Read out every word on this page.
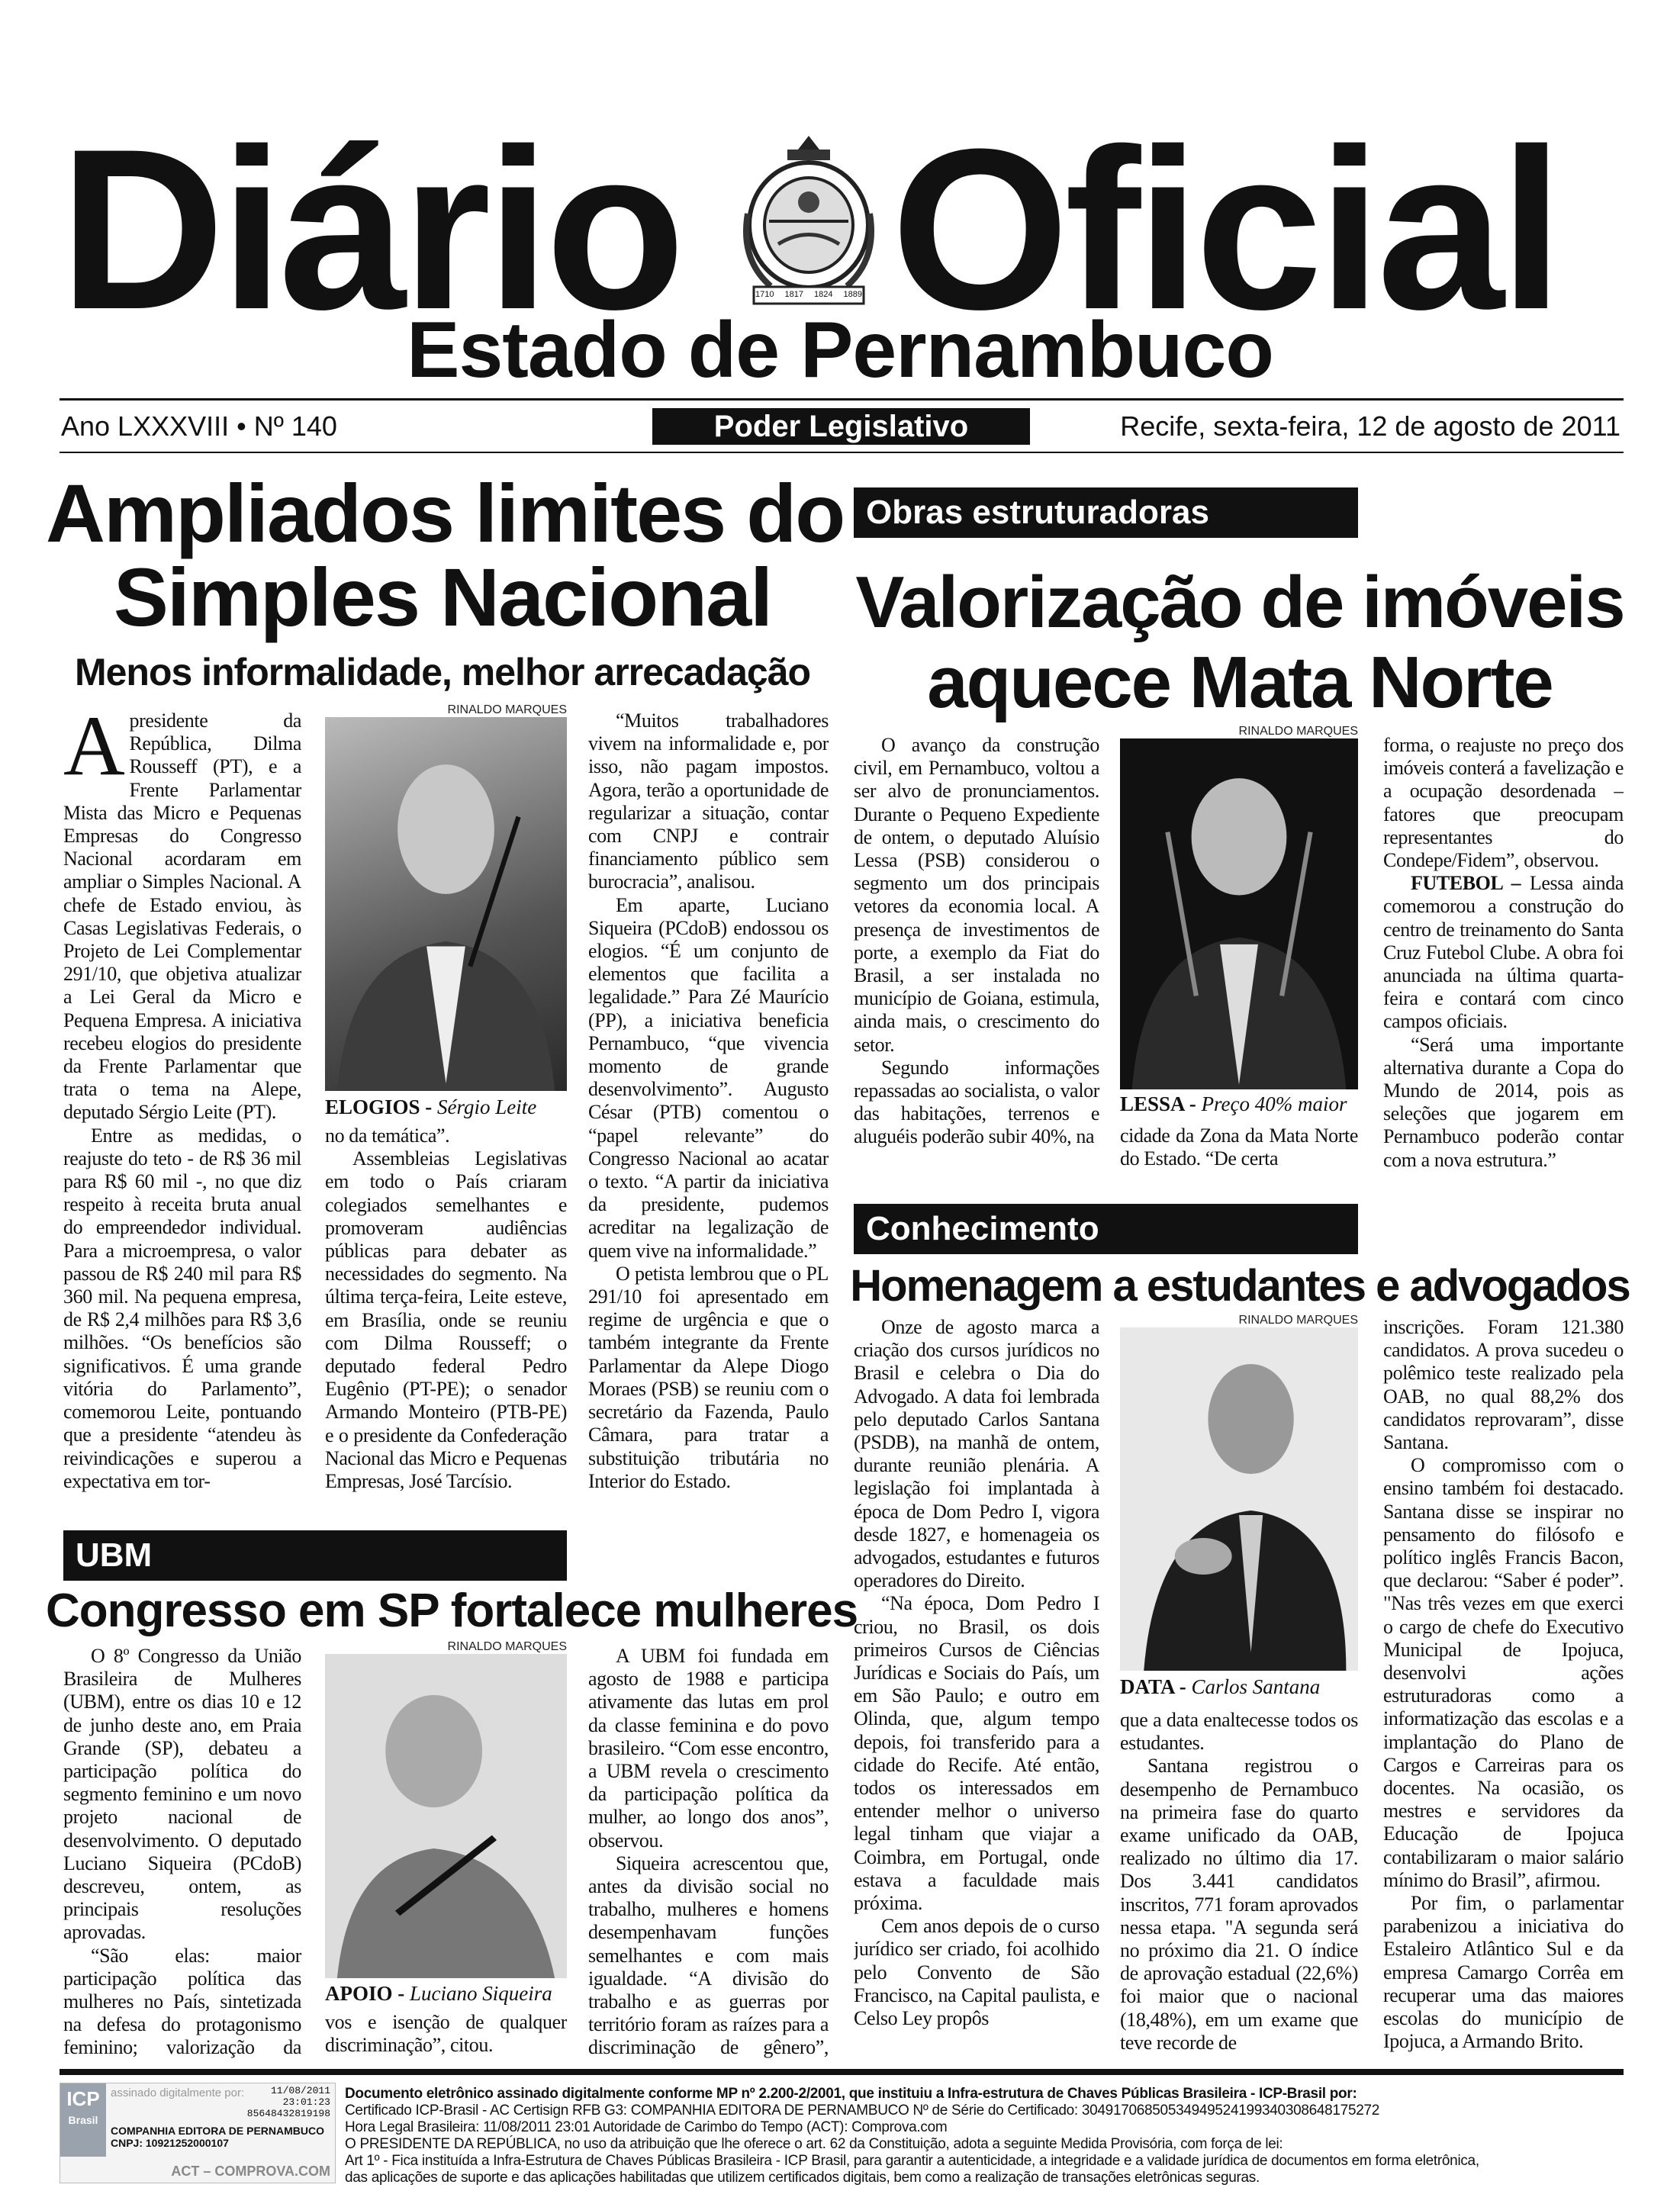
Diário	1710 1817 1824 1889 Oficial
Estado de Pernambuco
Ano LXXXVIII • Nº 140	Poder Legislativo	Recife, sexta-feira, 12 de agosto de 2011
Ampliados limites do
Simples Nacional
Menos informalidade, melhor arrecadação

Apresidente da República, Dilma Rousseff (PT), e a Frente Parlamentar Mista das Micro e Pequenas Empresas do Congresso Nacional acordaram em ampliar o Simples Nacional. A chefe de Estado enviou, às Casas Legislativas Federais, o Projeto de Lei Complementar 291/10, que objetiva atualizar a Lei Geral da Micro e Pequena Empresa. A iniciativa recebeu elogios do presidente da Frente Parlamentar que trata o tema na Alepe, deputado Sérgio Leite (PT).

Entre as medidas, o reajuste do teto - de R$ 36 mil para R$ 60 mil -, no que diz respeito à receita bruta anual do empreendedor individual. Para a microempresa, o valor passou de R$ 240 mil para R$ 360 mil. Na pequena empresa, de R$ 2,4 milhões para R$ 3,6 milhões. “Os benefícios são significativos. É uma grande vitória do Parlamento”, comemorou Leite, pontuando que a presidente “atendeu às reivindicações e superou a expectativa em tor-

RINALDO MARQUES
ELOGIOS - Sérgio Leite

no da temática”.

Assembleias Legislativas em todo o País criaram colegiados semelhantes e promoveram audiências públicas para debater as necessidades do segmento. Na última terça-feira, Leite esteve, em Brasília, onde se reuniu com Dilma Rousseff; o deputado federal Pedro Eugênio (PT-PE); o senador Armando Monteiro (PTB-PE) e o presidente da Confederação Nacional das Micro e Pequenas Empresas, José Tarcísio.

“Muitos trabalhadores vivem na informalidade e, por isso, não pagam impostos. Agora, terão a oportunidade de regularizar a situação, contar com CNPJ e contrair financiamento público sem burocracia”, analisou.

Em aparte, Luciano Siqueira (PCdoB) endossou os elogios. “É um conjunto de elementos que facilita a legalidade.” Para Zé Maurício (PP), a iniciativa beneficia Pernambuco, “que vivencia momento de grande desenvolvimento”. Augusto César (PTB) comentou o “papel relevante” do Congresso Nacional ao acatar o texto. “A partir da iniciativa da presidente, pudemos acreditar na legalização de quem vive na informalidade.”

O petista lembrou que o PL 291/10 foi apresentado em regime de urgência e que o também integrante da Frente Parlamentar da Alepe Diogo Moraes (PSB) se reuniu com o secretário da Fazenda, Paulo Câmara, para tratar a substituição tributária no Interior do Estado.

Obras estruturadoras
Valorização de imóveis
aquece Mata Norte

O avanço da construção civil, em Pernambuco, voltou a ser alvo de pronunciamentos. Durante o Pequeno Expediente de ontem, o deputado Aluísio Lessa (PSB) considerou o segmento um dos principais vetores da economia local. A presença de investimentos de porte, a exemplo da Fiat do Brasil, a ser instalada no município de Goiana, estimula, ainda mais, o crescimento do setor.

Segundo informações repassadas ao socialista, o valor das habitações, terrenos e aluguéis poderão subir 40%, na

RINALDO MARQUES
LESSA - Preço 40% maior

cidade da Zona da Mata Norte do Estado. “De certa

forma, o reajuste no preço dos imóveis conterá a favelização e a ocupação desordenada – fatores que preocupam representantes do Condepe/Fidem”, observou.

FUTEBOL – Lessa ainda comemorou a construção do centro de treinamento do Santa Cruz Futebol Clube. A obra foi anunciada na última quarta-feira e contará com cinco campos oficiais.

“Será uma importante alternativa durante a Copa do Mundo de 2014, pois as seleções que jogarem em Pernambuco poderão contar com a nova estrutura.”

Conhecimento
Homenagem a estudantes e advogados

Onze de agosto marca a criação dos cursos jurídicos no Brasil e celebra o Dia do Advogado. A data foi lembrada pelo deputado Carlos Santana (PSDB), na manhã de ontem, durante reunião plenária. A legislação foi implantada à época de Dom Pedro I, vigora desde 1827, e homenageia os advogados, estudantes e futuros operadores do Direito.

“Na época, Dom Pedro I criou, no Brasil, os dois primeiros Cursos de Ciências Jurídicas e Sociais do País, um em São Paulo; e outro em Olinda, que, algum tempo depois, foi transferido para a cidade do Recife. Até então, todos os interessados em entender melhor o universo legal tinham que viajar a Coimbra, em Portugal, onde estava a faculdade mais próxima.

Cem anos depois de o curso jurídico ser criado, foi acolhido pelo Convento de São Francisco, na Capital paulista, e Celso Ley propôs

RINALDO MARQUES
DATA - Carlos Santana

que a data enaltecesse todos os estudantes.

Santana registrou o desempenho de Pernambuco na primeira fase do quarto exame unificado da OAB, realizado no último dia 17. Dos 3.441 candidatos inscritos, 771 foram aprovados nessa etapa. "A segunda será no próximo dia 21. O índice de aprovação estadual (22,6%) foi maior que o nacional (18,48%), em um exame que teve recorde de

inscrições. Foram 121.380 candidatos. A prova sucedeu o polêmico teste realizado pela OAB, no qual 88,2% dos candidatos reprovaram”, disse Santana.

O compromisso com o ensino também foi destacado. Santana disse se inspirar no pensamento do filósofo e político inglês Francis Bacon, que declarou: “Saber é poder”. "Nas três vezes em que exerci o cargo de chefe do Executivo Municipal de Ipojuca, desenvolvi ações estruturadoras como a informatização das escolas e a implantação do Plano de Cargos e Carreiras para os docentes. Na ocasião, os mestres e servidores da Educação de Ipojuca contabilizaram o maior salário mínimo do Brasil”, afirmou.

Por fim, o parlamentar parabenizou a iniciativa do Estaleiro Atlântico Sul e da empresa Camargo Corrêa em recuperar uma das maiores escolas do município de Ipojuca, a Armando Brito.

UBM
Congresso em SP fortalece mulheres

O 8º Congresso da União Brasileira de Mulheres (UBM), entre os dias 10 e 12 de junho deste ano, em Praia Grande (SP), debateu a participação política do segmento feminino e um novo projeto nacional de desenvolvimento. O deputado Luciano Siqueira (PCdoB) descreveu, ontem, as principais resoluções aprovadas.

“São elas: maior participação política das mulheres no País, sintetizada na defesa do protagonismo feminino; valorização da

RINALDO MARQUES
APOIO - Luciano Siqueira

vos e isenção de qualquer discriminação”, citou.

A UBM foi fundada em agosto de 1988 e participa ativamente das lutas em prol da classe feminina e do povo brasileiro. “Com esse encontro, a UBM revela o crescimento da participação política da mulher, ao longo dos anos”, observou.

Siqueira acrescentou que, antes da divisão social no trabalho, mulheres e homens desempenhavam funções semelhantes e com mais igualdade. “A divisão do trabalho e as guerras por território foram as raízes para a discriminação de gênero”,

ICP
Brasil
assinado digitalmente por:	11/08/2011
23:01:23
85648432819198
COMPANHIA EDITORA DE PERNAMBUCO
CNPJ: 10921252000107
ACT – COMPROVA.COM
Documento eletrônico assinado digitalmente conforme MP nº 2.200-2/2001, que instituiu a Infra-estrutura de Chaves Públicas Brasileira - ICP-Brasil por:
Certificado ICP-Brasil - AC Certisign RFB G3: COMPANHIA EDITORA DE PERNAMBUCO Nº de Série do Certificado: 30491706850534949524199340308648175272
Hora Legal Brasileira: 11/08/2011 23:01 Autoridade de Carimbo do Tempo (ACT): Comprova.com
O PRESIDENTE DA REPÚBLICA, no uso da atribuição que lhe oferece o art. 62 da Constituição, adota a seguinte Medida Provisória, com força de lei:
Art 1º - Fica instituída a Infra-Estrutura de Chaves Públicas Brasileira - ICP Brasil, para garantir a autenticidade, a integridade e a validade jurídica de documentos em forma eletrônica,
das aplicações de suporte e das aplicações habilitadas que utilizem certificados digitais, bem como a realização de transações eletrônicas seguras.
